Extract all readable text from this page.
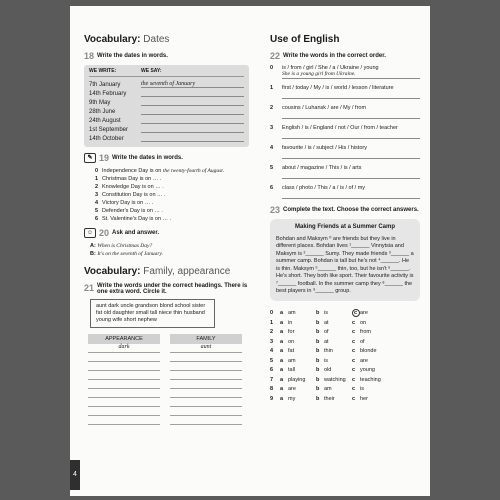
Vocabulary: Dates
18 Write the dates in words.
WE WRITE:	WE SAY:
7th January	the seventh of January
14th February
9th May
28th June
24th August
1st September
14th October
✎ 19 Write the dates in words.
0 Independence Day is on the twenty-fourth of August.
1 Christmas Day is on … .
2 Knowledge Day is on … .
3 Constitution Day is on … .
4 Victory Day is on … .
5 Defender's Day is on … .
6 St. Valentine's Day is on … .
☺ 20 Ask and answer.
A: When is Christmas Day?
B: It's on the seventh of January.
Vocabulary: Family, appearance
21 Write the words under the correct headings. There is one extra word. Circle it.
aunt dark uncle grandson blond school sister fat old daughter small tall niece thin husband young wife short nephew
APPEARANCE	FAMILY
dark	aunt
Use of English
22 Write the words in the correct order.
0	is / from / girl / She / a / Ukraine / young
She is a young girl from Ukraine.
1	first / today / My / is / world / lesson / literature
2	cousins / Luhansk / are / My / from
3	English / is / England / not / Our / from / teacher
4	favourite / is / subject / His / history
5	about / magazine / This / is / arts
6	class / photo / This / a / is / of / my
23 Complete the text. Choose the correct answers.
Making Friends at a Summer Camp
Bohdan and Maksym ⁰ are friends but they live in different places. Bohdan lives ¹______ Vinnytsia and Maksym is ²______ Sumy. They made friends ³______ a summer camp. Bohdan is tall but he's not ⁴______. He is thin. Maksym ⁵______ thin, too, but he isn't ⁶______. He's short. They both like sport. Their favourite activity is ⁷______ football. In the summer camp they ⁸______ the best players in ⁹______ group.
0	a am	b is	c are
1	a in	b at	c on
2	a for	b of	c from
3	a on	b at	c of
4	a fat	b thin	c blonde
5	a am	b is	c are
6	a tall	b old	c young
7	a playing	b watching	c teaching
8	a are	b am	c is
9	a my	b their	c her
4
